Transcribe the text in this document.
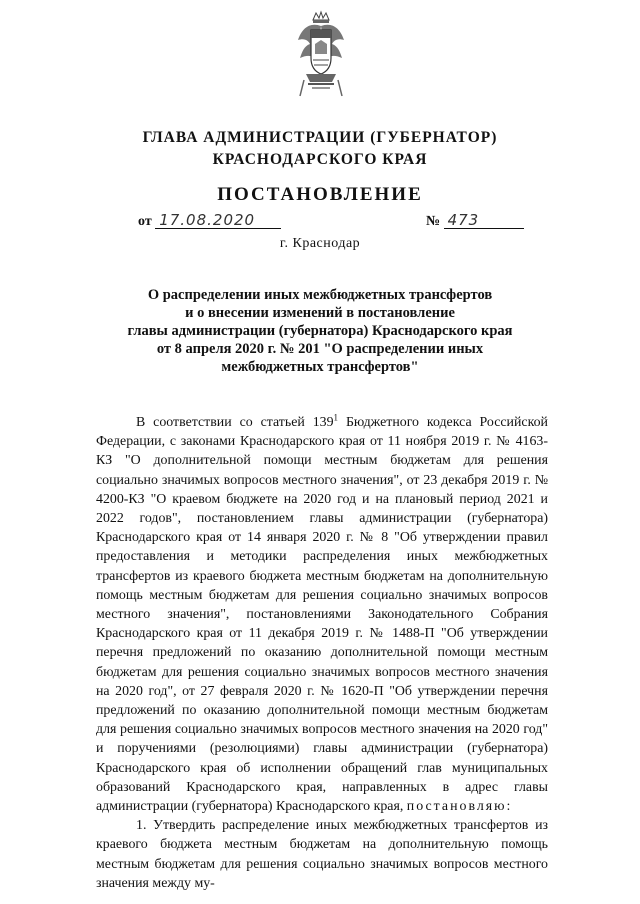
ГЛАВА АДМИНИСТРАЦИИ (ГУБЕРНАТОР)
КРАСНОДАРСКОГО КРАЯ
ПОСТАНОВЛЕНИЕ
от 17.08.2020	№ 473
г. Краснодар
О распределении иных межбюджетных трансфертов
и о внесении изменений в постановление
главы администрации (губернатора) Краснодарского края
от 8 апреля 2020 г. № 201 "О распределении иных
межбюджетных трансфертов"

В соответствии со статьей $139^1$ Бюджетного кодекса Российской Федерации, с законами Краснодарского края от 11 ноября 2019 г. № 4163-КЗ "О дополнительной помощи местным бюджетам для решения социально значимых вопросов местного значения", от 23 декабря 2019 г. № 4200-КЗ "О краевом бюджете на 2020 год и на плановый период 2021 и 2022 годов", постановлением главы администрации (губернатора) Краснодарского края от 14 января 2020 г. № 8 "Об утверждении правил предоставления и методики распределения иных межбюджетных трансфертов из краевого бюджета местным бюджетам на дополнительную помощь местным бюджетам для решения социально значимых вопросов местного значения", постановлениями Законодательного Собрания Краснодарского края от 11 декабря 2019 г. № 1488-П "Об утверждении перечня предложений по оказанию дополнительной помощи местным бюджетам для решения социально значимых вопросов местного значения на 2020 год", от 27 февраля 2020 г. № 1620-П "Об утверждении перечня предложений по оказанию дополнительной помощи местным бюджетам для решения социально значимых вопросов местного значения на 2020 год" и поручениями (резолюциями) главы администрации (губернатора) Краснодарского края об исполнении обращений глав муниципальных образований Краснодарского края, направленных в адрес главы администрации (губернатора) Краснодарского края, постановляю:

1. Утвердить распределение иных межбюджетных трансфертов из краевого бюджета местным бюджетам на дополнительную помощь местным бюджетам для решения социально значимых вопросов местного значения между му-
